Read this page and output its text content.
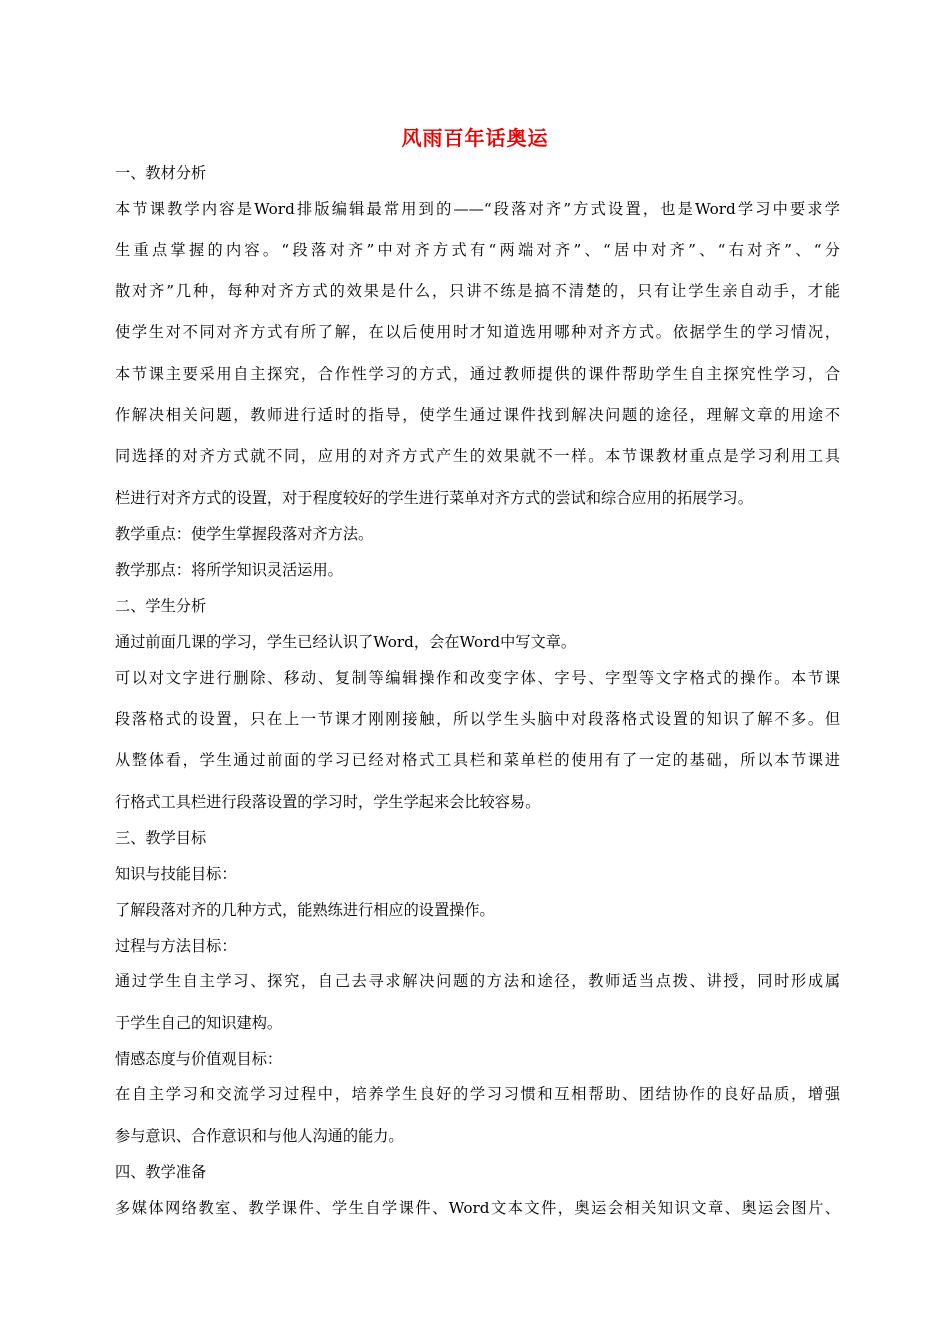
风雨百年话奥运
一、教材分析
本节课教学内容是Word排版编辑最常用到的——“段落对齐”方式设置，也是Word学习中要求学
生重点掌握的内容。“段落对齐”中对齐方式有“两端对齐”、“居中对齐”、“右对齐”、“分
散对齐”几种，每种对齐方式的效果是什么，只讲不练是搞不清楚的，只有让学生亲自动手，才能
使学生对不同对齐方式有所了解，在以后使用时才知道选用哪种对齐方式。依据学生的学习情况，
本节课主要采用自主探究，合作性学习的方式，通过教师提供的课件帮助学生自主探究性学习，合
作解决相关问题，教师进行适时的指导，使学生通过课件找到解决问题的途径，理解文章的用途不
同选择的对齐方式就不同，应用的对齐方式产生的效果就不一样。本节课教材重点是学习利用工具
栏进行对齐方式的设置，对于程度较好的学生进行菜单对齐方式的尝试和综合应用的拓展学习。
教学重点：使学生掌握段落对齐方法。
教学那点：将所学知识灵活运用。
二、学生分析
通过前面几课的学习，学生已经认识了Word，会在Word中写文章。
可以对文字进行删除、移动、复制等编辑操作和改变字体、字号、字型等文字格式的操作。本节课
段落格式的设置，只在上一节课才刚刚接触，所以学生头脑中对段落格式设置的知识了解不多。但
从整体看，学生通过前面的学习已经对格式工具栏和菜单栏的使用有了一定的基础，所以本节课进
行格式工具栏进行段落设置的学习时，学生学起来会比较容易。
三、教学目标
知识与技能目标：
了解段落对齐的几种方式，能熟练进行相应的设置操作。
过程与方法目标：
通过学生自主学习、探究，自己去寻求解决问题的方法和途径，教师适当点拨、讲授，同时形成属
于学生自己的知识建构。
情感态度与价值观目标：
在自主学习和交流学习过程中，培养学生良好的学习习惯和互相帮助、团结协作的良好品质，增强
参与意识、合作意识和与他人沟通的能力。
四、教学准备
多媒体网络教室、教学课件、学生自学课件、Word文本文件，奥运会相关知识文章、奥运会图片、
